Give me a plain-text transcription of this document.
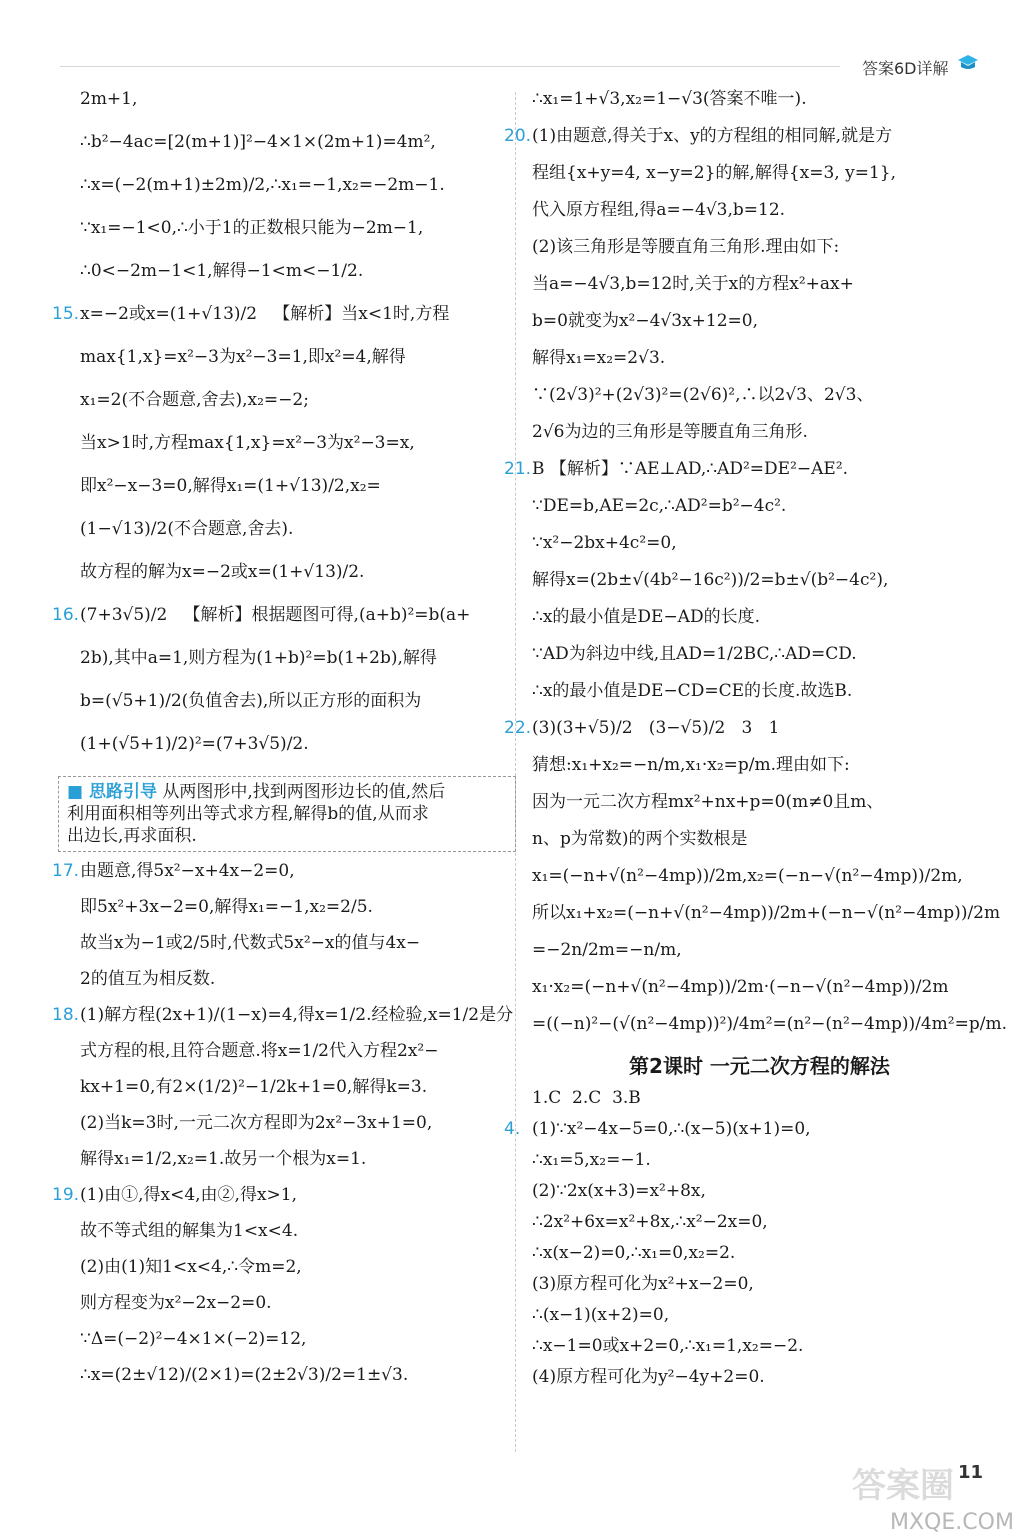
答案6D详解

2m+1,

∴b²−4ac=[2(m+1)]²−4×1×(2m+1)=4m²,

∴x=(−2(m+1)±2m)/2,∴x₁=−1,x₂=−2m−1.

∵x₁=−1<0,∴小于1的正数根只能为−2m−1,

∴0<−2m−1<1,解得−1<m<−1/2.

15.x=−2或x=(1+√13)/2   【解析】当x<1时,方程

max{1,x}=x²−3为x²−3=1,即x²=4,解得

x₁=2(不合题意,舍去),x₂=−2;

当x>1时,方程max{1,x}=x²−3为x²−3=x,

即x²−x−3=0,解得x₁=(1+√13)/2,x₂=

(1−√13)/2(不合题意,舍去).

故方程的解为x=−2或x=(1+√13)/2.

16.(7+3√5)/2   【解析】根据题图可得,(a+b)²=b(a+

2b),其中a=1,则方程为(1+b)²=b(1+2b),解得

b=(√5+1)/2(负值舍去),所以正方形的面积为

(1+(√5+1)/2)²=(7+3√5)/2.

■ 思路引导 从两图形中,找到两图形边长的值,然后

利用面积相等列出等式求方程,解得b的值,从而求

出边长,再求面积.

17.由题意,得5x²−x+4x−2=0,

即5x²+3x−2=0,解得x₁=−1,x₂=2/5.

故当x为−1或2/5时,代数式5x²−x的值与4x−

2的值互为相反数.

18.(1)解方程(2x+1)/(1−x)=4,得x=1/2.经检验,x=1/2是分

式方程的根,且符合题意.将x=1/2代入方程2x²−

kx+1=0,有2×(1/2)²−1/2k+1=0,解得k=3.

(2)当k=3时,一元二次方程即为2x²−3x+1=0,

解得x₁=1/2,x₂=1.故另一个根为x=1.

19.(1)由①,得x<4,由②,得x>1,

故不等式组的解集为1<x<4.

(2)由(1)知1<x<4,∴令m=2,

则方程变为x²−2x−2=0.

∵Δ=(−2)²−4×1×(−2)=12,

∴x=(2±√12)/(2×1)=(2±2√3)/2=1±√3.

∴x₁=1+√3,x₂=1−√3(答案不唯一).

20.(1)由题意,得关于x、y的方程组的相同解,就是方

程组{x+y=4, x−y=2}的解,解得{x=3, y=1},

代入原方程组,得a=−4√3,b=12.

(2)该三角形是等腰直角三角形.理由如下:

当a=−4√3,b=12时,关于x的方程x²+ax+

b=0就变为x²−4√3x+12=0,

解得x₁=x₂=2√3.

∵(2√3)²+(2√3)²=(2√6)²,∴以2√3、2√3、

2√6为边的三角形是等腰直角三角形.

21.B 【解析】∵AE⊥AD,∴AD²=DE²−AE².

∵DE=b,AE=2c,∴AD²=b²−4c².

∵x²−2bx+4c²=0,

解得x=(2b±√(4b²−16c²))/2=b±√(b²−4c²),

∴x的最小值是DE−AD的长度.

∵AD为斜边中线,且AD=1/2BC,∴AD=CD.

∴x的最小值是DE−CD=CE的长度.故选B.

22.(3)(3+√5)/2   (3−√5)/2   3   1

猜想:x₁+x₂=−n/m,x₁·x₂=p/m.理由如下:

因为一元二次方程mx²+nx+p=0(m≠0且m、

n、p为常数)的两个实数根是

x₁=(−n+√(n²−4mp))/2m,x₂=(−n−√(n²−4mp))/2m,

所以x₁+x₂=(−n+√(n²−4mp))/2m+(−n−√(n²−4mp))/2m

=−2n/2m=−n/m,

x₁·x₂=(−n+√(n²−4mp))/2m·(−n−√(n²−4mp))/2m

=((−n)²−(√(n²−4mp))²)/4m²=(n²−(n²−4mp))/4m²=p/m.

第2课时 一元二次方程的解法

1.C  2.C  3.B

4. (1)∵x²−4x−5=0,∴(x−5)(x+1)=0,

∴x₁=5,x₂=−1.

(2)∵2x(x+3)=x²+8x,

∴2x²+6x=x²+8x,∴x²−2x=0,

∴x(x−2)=0,∴x₁=0,x₂=2.

(3)原方程可化为x²+x−2=0,

∴(x−1)(x+2)=0,

∴x−1=0或x+2=0,∴x₁=1,x₂=−2.

(4)原方程可化为y²−4y+2=0.

答案圈
MXQE.COM
11
